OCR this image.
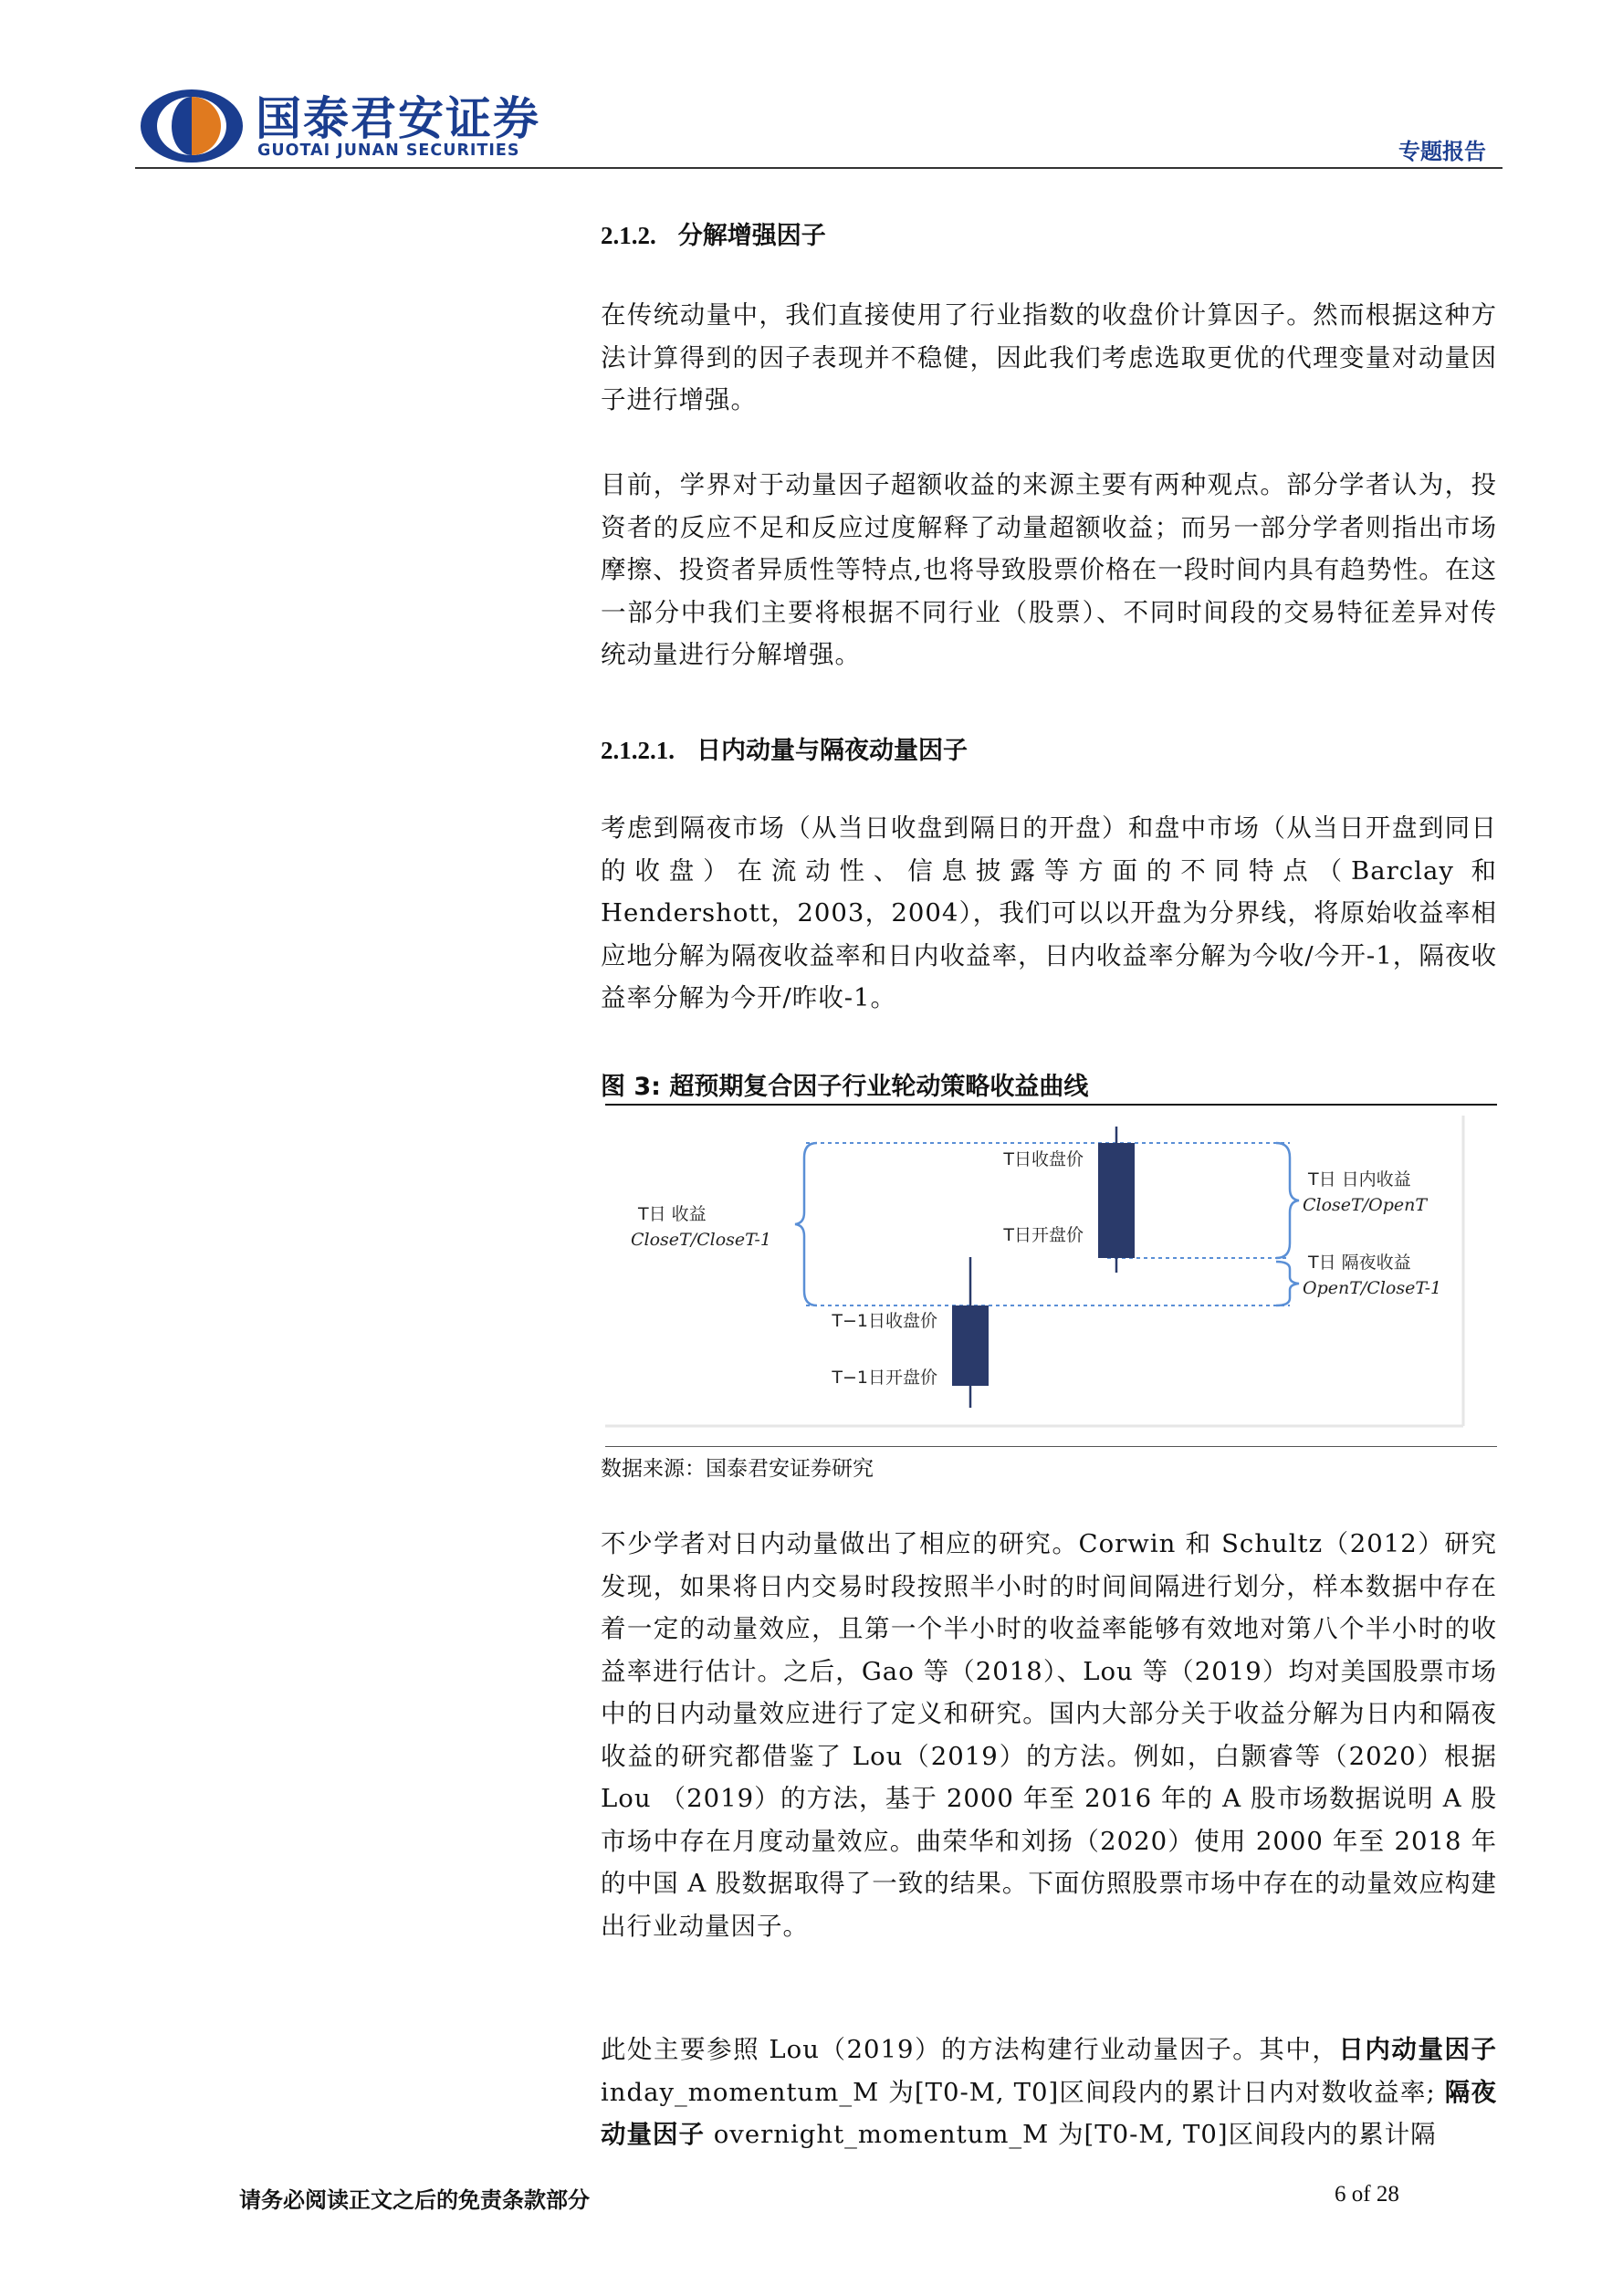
国泰君安证券
GUOTAI JUNAN SECURITIES	专题报告
2.1.2. 分解增强因子
在传统动量中，我们直接使用了行业指数的收盘价计算因子。然而根据这种方法计算得到的因子表现并不稳健，因此我们考虑选取更优的代理变量对动量因子进行增强。
目前，学界对于动量因子超额收益的来源主要有两种观点。部分学者认为，投资者的反应不足和反应过度解释了动量超额收益；而另一部分学者则指出市场摩擦、投资者异质性等特点,也将导致股票价格在一段时间内具有趋势性。在这一部分中我们主要将根据不同行业（股票）、不同时间段的交易特征差异对传统动量进行分解增强。
2.1.2.1. 日内动量与隔夜动量因子
考虑到隔夜市场（从当日收盘到隔日的开盘）和盘中市场（从当日开盘到同日的收盘）在流动性、信息披露等方面的不同特点（Barclay 和 Hendershott，2003，2004），我们可以以开盘为分界线，将原始收益率相应地分解为隔夜收益率和日内收益率，日内收益率分解为今收/今开-1，隔夜收益率分解为今开/昨收-1。
图 3: 超预期复合因子行业轮动策略收益曲线
T日收盘价
T日开盘价
T−1日收盘价
T−1日开盘价
T日 收益
CloseT/CloseT-1
T日 日内收益
CloseT/OpenT
T日 隔夜收益
OpenT/CloseT-1
数据来源：国泰君安证券研究
不少学者对日内动量做出了相应的研究。Corwin 和 Schultz（2012）研究发现，如果将日内交易时段按照半小时的时间间隔进行划分，样本数据中存在着一定的动量效应，且第一个半小时的收益率能够有效地对第八个半小时的收益率进行估计。之后，Gao 等（2018）、Lou 等（2019）均对美国股票市场中的日内动量效应进行了定义和研究。国内大部分关于收益分解为日内和隔夜收益的研究都借鉴了 Lou（2019）的方法。例如，白颢睿等（2020）根据 Lou （2019）的方法，基于 2000 年至 2016 年的 A 股市场数据说明 A 股市场中存在月度动量效应。曲荣华和刘扬（2020）使用 2000 年至 2018 年的中国 A 股数据取得了一致的结果。下面仿照股票市场中存在的动量效应构建出行业动量因子。
此处主要参照 Lou（2019）的方法构建行业动量因子。其中，日内动量因子 inday_momentum_M 为[T0-M, T0]区间段内的累计日内对数收益率; 隔夜动量因子 overnight_momentum_M 为[T0-M, T0]区间段内的累计隔
请务必阅读正文之后的免责条款部分	6 of 28
